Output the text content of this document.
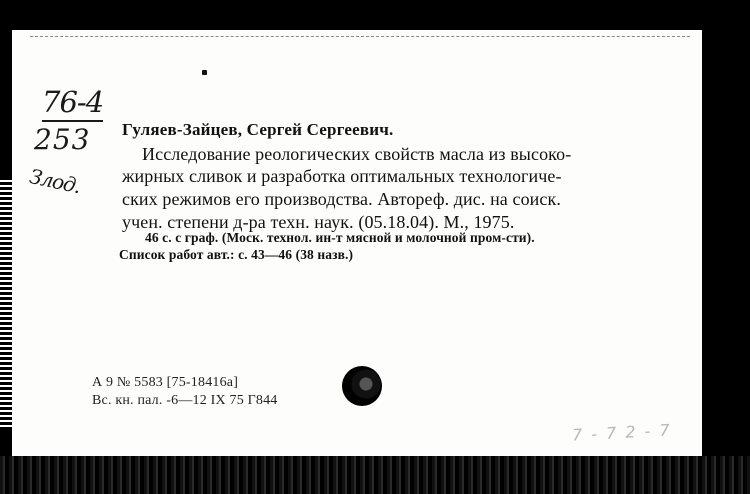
76-4
253
Злод.
Гуляев-Зайцев, Сергей Сергеевич.
Исследование реологических свойств масла из высоко-
жирных сливок и разработка оптимальных технологиче-
ских режимов его производства. Автореф. дис. на соиск.
учен. степени д-ра техн. наук. (05.18.04). М., 1975.
46 с. с граф. (Моск. технол. ин-т мясной и молочной пром-сти).
Список работ авт.: с. 43—46 (38 назв.)
А 9 № 5583 [75-18416а]
Вс. кн. пал. -6—12 IX 75 Г844
7 - 7 2 - 7
